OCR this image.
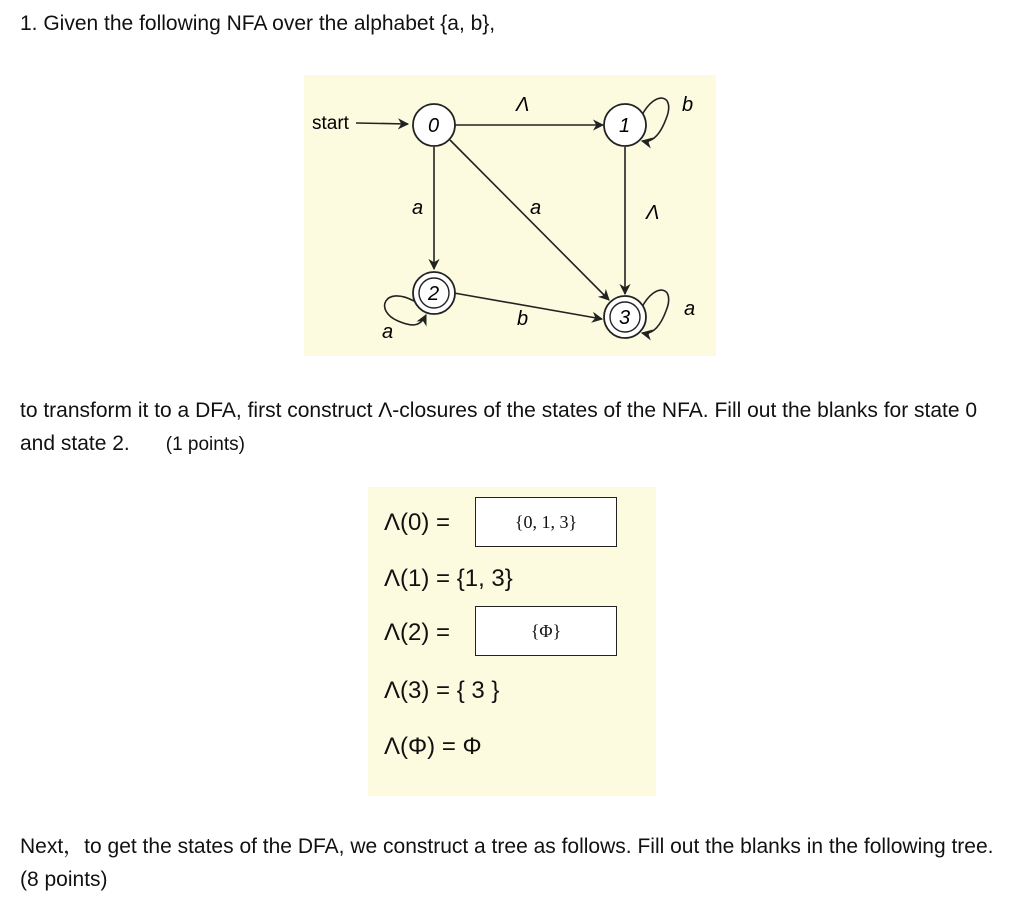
1. Given the following NFA over the alphabet {a, b},
start
Λ
a	a
b
Λ
a
b	a
0	1
2
3
to transform it to a DFA, first construct Λ-closures of the states of the NFA. Fill out the blanks for state 0 and state 2. (1 points)
Λ(0) =	{0, 1, 3}
Λ(1) = {1, 3}
Λ(2) =	{Φ}
Λ(3) = { 3 }
Λ(Φ) = Φ
Next，to get the states of the DFA, we construct a tree as follows. Fill out the blanks in the following tree. (8 points)
